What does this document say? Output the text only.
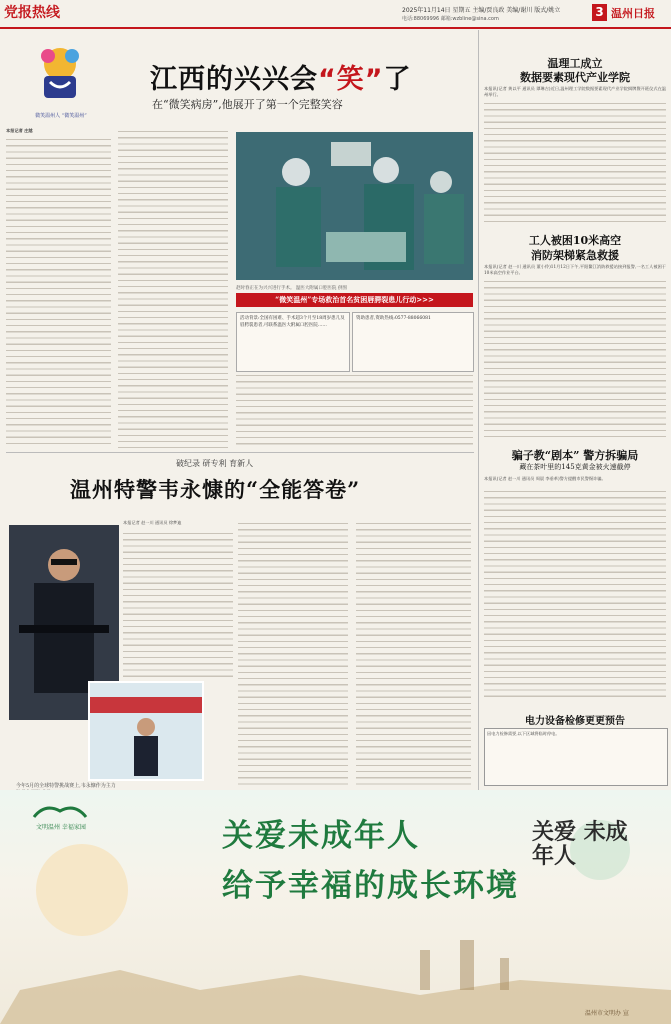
党报热线	2025年11月14日 星期五 主编/贾良政 美编/谢川 版式/姚立
电话:88069996 邮箱:wzbline@sina.com	3 温州日报
微笑温州人 “微笑温州”
江西的兴兴会“笑”了
在“微笑病房”,他展开了第一个完整笑容
本报记者 庄越
赵时春正在为兴兴进行手术。 温医大附属口腔医院 供图
“微笑温州”专场救治首名贫困唇腭裂患儿行动>>>
活动背景:全国有困难、手术超3个月至18周岁患儿及唇腭裂患者,可联系温医大附属口腔医院……
资助患者,资助热线:0577-88066081
温理工成立
数据要素现代产业学院
本报讯(记者 黄以平 通讯员 谭琳吉)近日,温州理工学院数据要素现代产业学院揭牌暨开班仪式在温州举行。
工人被困10米高空
消防架梯紧急救援
本报讯(记者 赵一川 通讯员 董小伶)11月12日下午,平阳鳌江消防救援站接到报警,一名工人被困于10米高空作业平台。
骗子教“剧本” 警方拆骗局
藏在茶叶里的145克黄金被火速截停
本报讯(记者 赵一川 通讯员 周晨 李垂革)警方提醒市民警惕诈骗。
电力设备检修更更预告
因电力检修需要,以下区域将临时停电。
破纪录 研专利 育新人
温州特警韦永慷的“全能答卷”
今年5月的全球特警挑战赛上,韦永慷作为主力
本报记者 赵一川 通讯员 徐梦迪
文明温州 幸福家园	关爱未成年人
给予幸福的成长环境
关爱 未成年人
温州市文明办 宣
